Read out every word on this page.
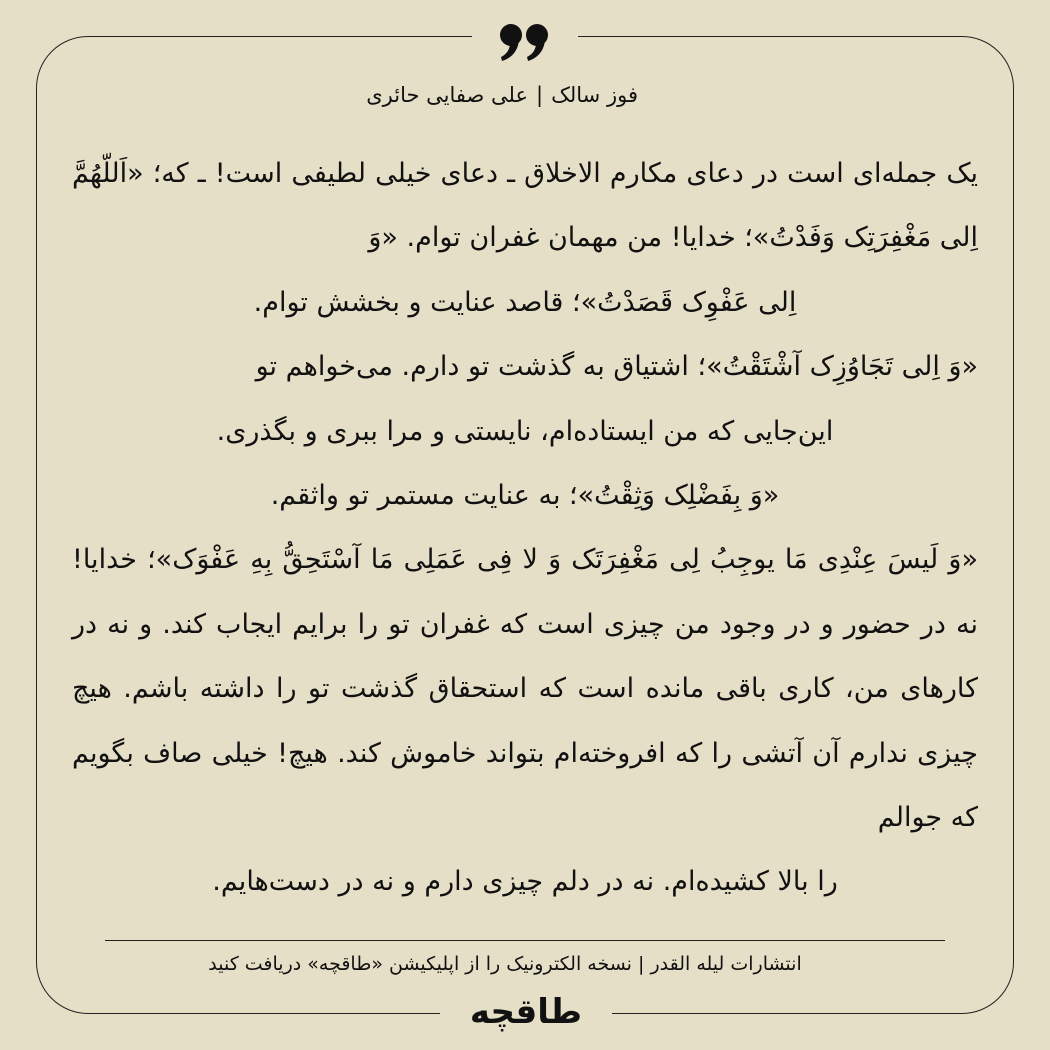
فوز سالک|علی صفایی حائری

یک جمله‌ای است در دعای مکارم الاخلاق ـ دعای خیلی لطیفی است! ـ که؛ «اَللّهُمَّ اِلی مَغْفِرَتِک وَفَدْتُ»؛ خدایا! من مهمان غفران توام. «وَ

اِلی عَفْوِک قَصَدْتُ»؛ قاصد عنایت و بخشش توام.

«وَ اِلی تَجَاوُزِک آشْتَقْتُ»؛ اشتیاق به گذشت تو دارم. می‌خواهم تو

این‌جایی که من ایستاده‌ام، نایستی و مرا ببری و بگذری.

«وَ بِفَضْلِک وَثِقْتُ»؛ به عنایت مستمر تو واثقم.

«وَ لَیسَ عِنْدِی مَا یوجِبُ لِی مَغْفِرَتَک وَ لا فِی عَمَلِی مَا آسْتَحِقُّ بِهِ عَفْوَک»؛ خدایا! نه در حضور و در وجود من چیزی است که غفران تو را برایم ایجاب کند. و نه در کارهای من، کاری باقی مانده است که استحقاق گذشت تو را داشته باشم. هیچ چیزی ندارم آن آتشی را که افروخته‌ام بتواند خاموش کند. هیچ! خیلی صاف بگویم که جوالم

را بالا کشیده‌ام. نه در دلم چیزی دارم و نه در دست‌هایم.

انتشارات لیله القدر | نسخه الکترونیک را از اپلیکیشن «طاقچه» دریافت کنید
طاقچه
